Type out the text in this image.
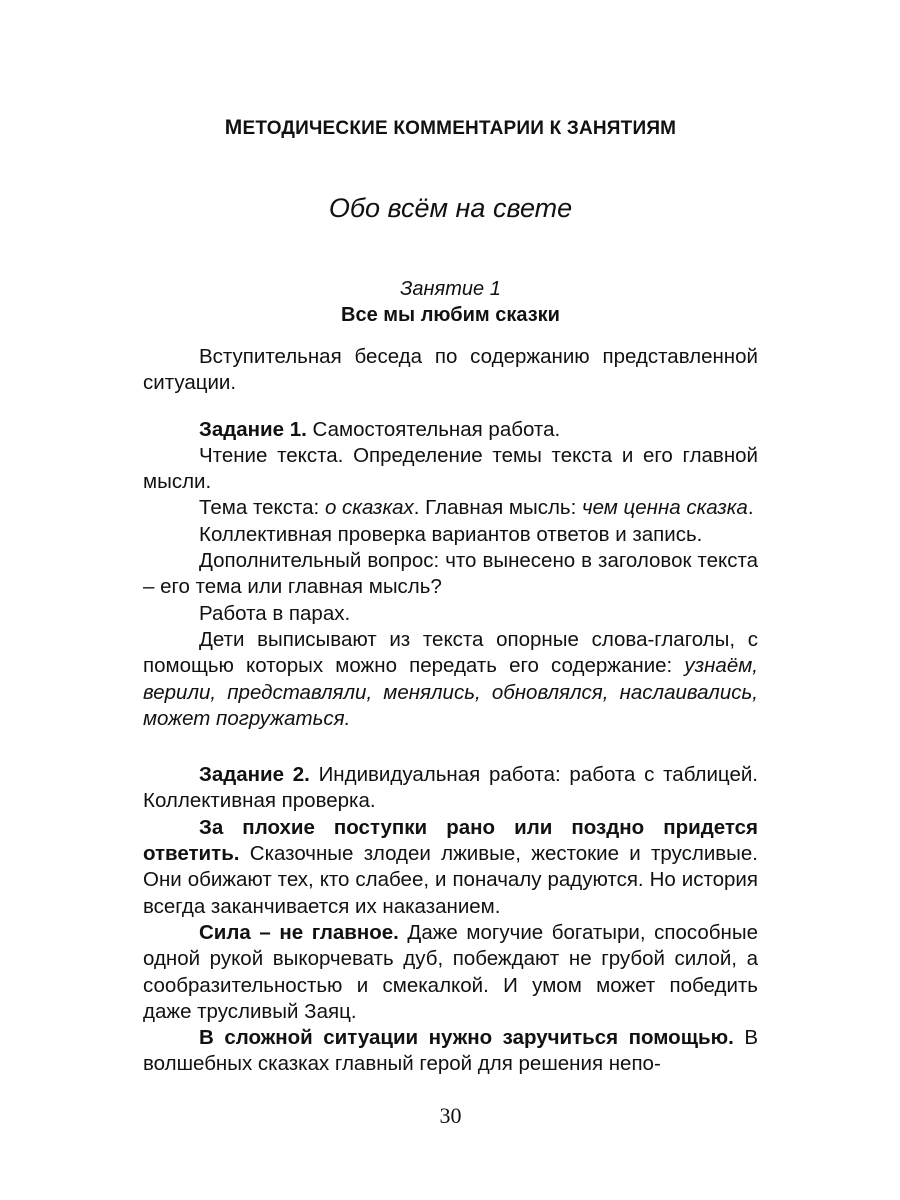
МЕТОДИЧЕСКИЕ КОММЕНТАРИИ К ЗАНЯТИЯМ
Обо всём на свете
Занятие 1
Все мы любим сказки

Вступительная беседа по содержанию представленной ситуации.

Задание 1. Самостоятельная работа.

Чтение текста. Определение темы текста и его главной мысли.

Тема текста: о сказках. Главная мысль: чем ценна сказка.

Коллективная проверка вариантов ответов и запись.

Дополнительный вопрос: что вынесено в заголовок текста – его тема или главная мысль?

Работа в парах.

Дети выписывают из текста опорные слова-глаголы, с помощью которых можно передать его содержание: узнаём, верили, представляли, менялись, обновлялся, наслаивались, может погружаться.

Задание 2. Индивидуальная работа: работа с таблицей. Коллективная проверка.

За плохие поступки рано или поздно придется ответить. Сказочные злодеи лживые, жестокие и трусливые. Они обижают тех, кто слабее, и поначалу радуются. Но история всегда заканчивается их наказанием.

Сила – не главное. Даже могучие богатыри, способные одной рукой выкорчевать дуб, побеждают не грубой силой, а сообразительностью и смекалкой. И умом может победить даже трусливый Заяц.

В сложной ситуации нужно заручиться помощью. В волшебных сказках главный герой для решения непо-

30
